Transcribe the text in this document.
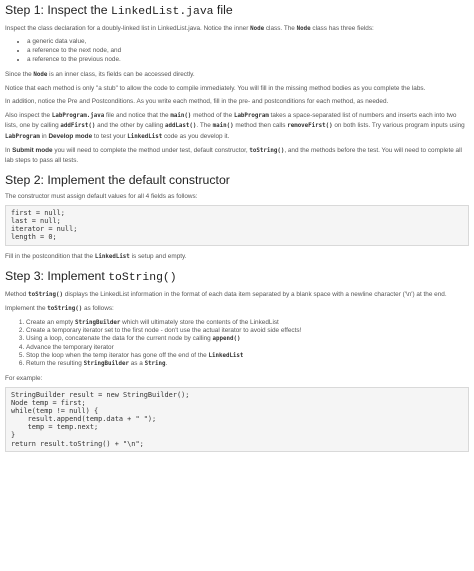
Step 1: Inspect the LinkedList.java file

Inspect the class declaration for a doubly-linked list in LinkedList.java. Notice the inner Node class. The Node class has three fields:

• a generic data value,
• a reference to the next node, and
• a reference to the previous node.

Since the Node is an inner class, its fields can be accessed directly.

Notice that each method is only "a stub" to allow the code to compile immediately. You will fill in the missing method bodies as you complete the labs.

In addition, notice the Pre and Postconditions. As you write each method, fill in the pre- and postconditions for each method, as needed.

Also inspect the LabProgram.java file and notice that the main() method of the LabProgram takes a space-separated list of numbers and inserts each into two lists, one by calling addFirst() and the other by calling addLast(). The main() method then calls removeFirst() on both lists. Try various program inputs using LabProgram in Develop mode to test your LinkedList code as you develop it.

In Submit mode you will need to complete the method under test, default constructor, toString(), and the methods before the test. You will need to complete all lab steps to pass all tests.

Step 2: Implement the default constructor

The constructor must assign default values for all 4 fields as follows:

first = null;
last = null;
iterator = null;
length = 0;

Fill in the postcondition that the LinkedList is setup and empty.

Step 3: Implement toString()

Method toString() displays the LinkedList information in the format of each data item separated by a blank space with a newline character ('\n') at the end.

Implement the toString() as follows:

1. Create an empty StringBuilder which will ultimately store the contents of the LinkedList
2. Create a temporary iterator set to the first node - don't use the actual iterator to avoid side effects!
3. Using a loop, concatenate the data for the current node by calling append()
4. Advance the temporary iterator
5. Stop the loop when the temp iterator has gone off the end of the LinkedList
6. Return the resulting StringBuilder as a String.

For example:

StringBuilder result = new StringBuilder();
Node temp = first;
while(temp != null) {
result.append(temp.data + " ");
temp = temp.next;
}
return result.toString() + "\n";
